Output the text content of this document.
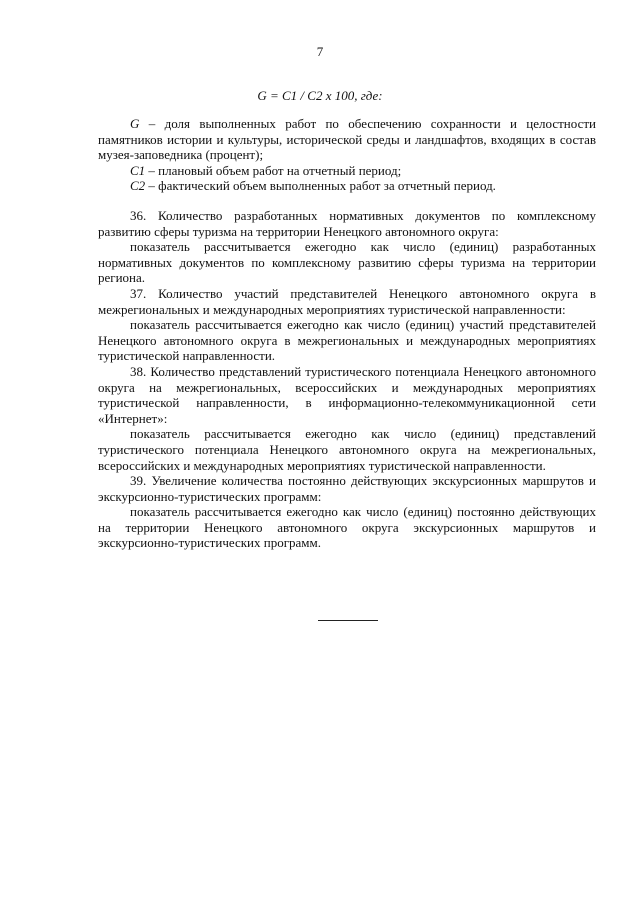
7
G = C1 / C2 x 100, где:

G – доля выполненных работ по обеспечению сохранности и целостности памятников истории и культуры, исторической среды и ландшафтов, входящих в состав музея-заповедника (процент);

C1 – плановый объем работ на отчетный период;

C2 – фактический объем выполненных работ за отчетный период.

36. Количество разработанных нормативных документов по комплексному развитию сферы туризма на территории Ненецкого автономного округа:

показатель рассчитывается ежегодно как число (единиц) разработанных нормативных документов по комплексному развитию сферы туризма на территории региона.

37. Количество участий представителей Ненецкого автономного округа в межрегиональных и международных мероприятиях туристической направленности:

показатель рассчитывается ежегодно как число (единиц) участий представителей Ненецкого автономного округа в межрегиональных и международных мероприятиях туристической направленности.

38. Количество представлений туристического потенциала Ненецкого автономного округа на межрегиональных, всероссийских и международных мероприятиях туристической направленности, в информационно-телекоммуникационной сети «Интернет»:

показатель рассчитывается ежегодно как число (единиц) представлений туристического потенциала Ненецкого автономного округа на межрегиональных, всероссийских и международных мероприятиях туристической направленности.

39. Увеличение количества постоянно действующих экскурсионных маршрутов и экскурсионно-туристических программ:

показатель рассчитывается ежегодно как число (единиц) постоянно действующих на территории Ненецкого автономного округа экскурсионных маршрутов и экскурсионно-туристических программ.
